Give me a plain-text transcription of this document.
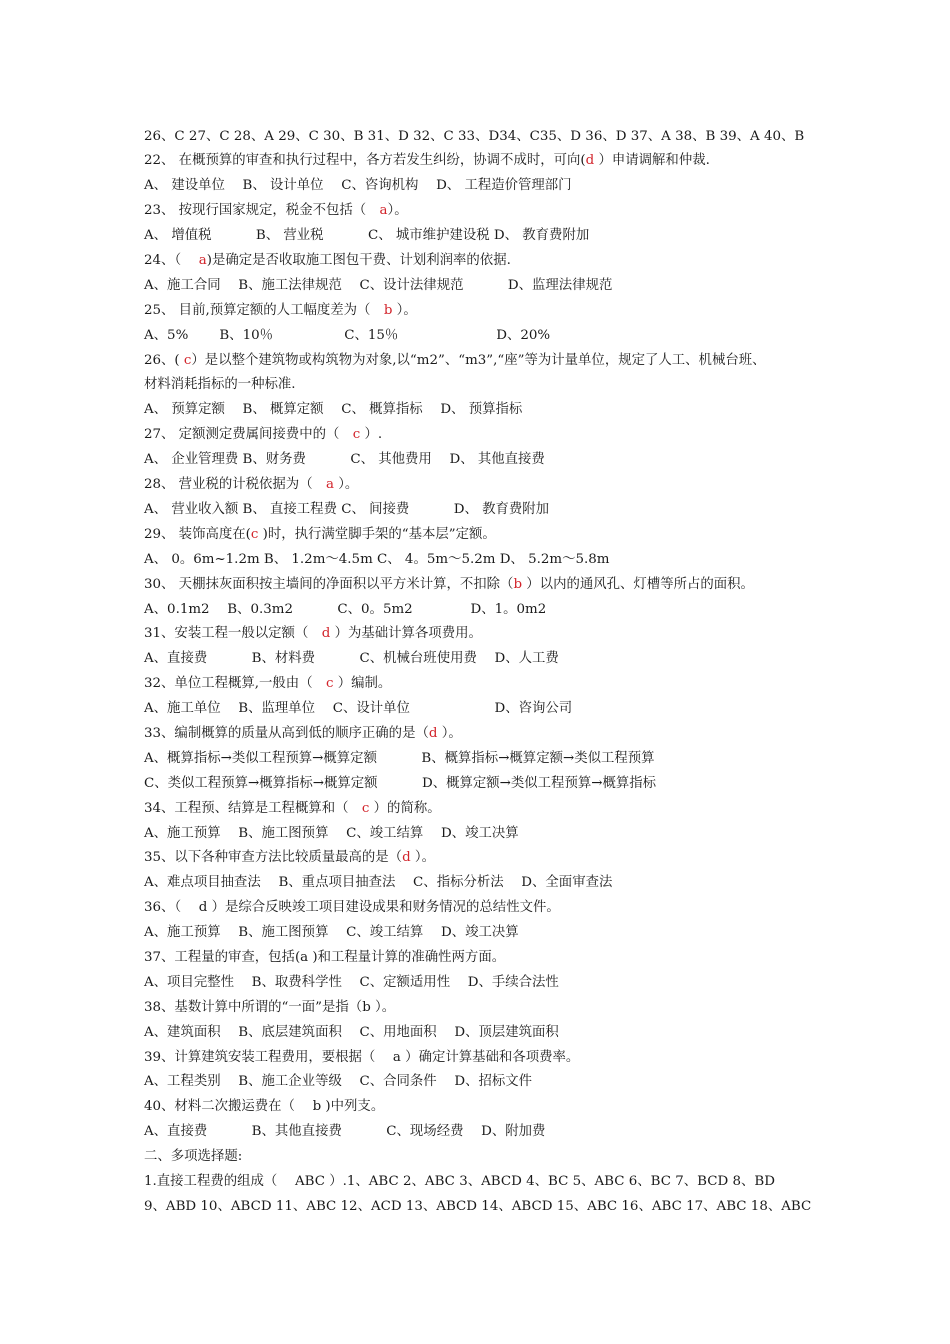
26、C 27、C 28、A 29、C 30、B 31、D 32、C 33、D34、C35、D 36、D 37、A 38、B 39、A 40、B
22、 在概预算的审查和执行过程中，各方若发生纠纷，协调不成时，可向(d ）申请调解和仲裁.
A、 建设单位　 B、 设计单位　 C、咨询机构　 D、 工程造价管理部门
23、 按现行国家规定，税金不包括（　a）。
A、 增值税　　　 B、 营业税　　　 C、 城市维护建设税 D、 教育费附加
24、（　 a)是确定是否收取施工图包干费、计划利润率的依据.
A、施工合同　 B、施工法律规范　 C、设计法律规范　　　 D、监理法律规范
25、 目前,预算定额的人工幅度差为（　b ）。
A、5%　　 B、10％　　　　　 C、15％　　　　　　　 D、20%
26、( c）是以整个建筑物或构筑物为对象,以“m2”、“m3”,“座”等为计量单位，规定了人工、机械台班、
材料消耗指标的一种标准.
A、 预算定额　 B、 概算定额　 C、 概算指标　 D、 预算指标
27、 定额测定费属间接费中的（　c ）.
A、 企业管理费 B、财务费　　　 C、 其他费用　 D、 其他直接费
28、 营业税的计税依据为（　a ）。
A、 营业收入额 B、 直接工程费 C、 间接费　　　 D、 教育费附加
29、 装饰高度在(c )时，执行满堂脚手架的“基本层”定额。
A、 0。6m~1.2m B、 1.2m～4.5m C、 4。5m～5.2m D、 5.2m～5.8m
30、 天棚抹灰面积按主墙间的净面积以平方米计算，不扣除（b ）以内的通风孔、灯槽等所占的面积。
A、0.1m2　 B、0.3m2　　　 C、0。5m2　　　　 D、1。0m2
31、安装工程一般以定额（　d ）为基础计算各项费用。
A、直接费　　　 B、材料费　　　 C、机械台班使用费　 D、人工费
32、单位工程概算,一般由（　c ）编制。
A、施工单位　 B、监理单位　 C、设计单位　　　　　　 D、咨询公司
33、编制概算的质量从高到低的顺序正确的是（d ）。
A、概算指标→类似工程预算→概算定额　　　 B、概算指标→概算定额→类似工程预算
C、类似工程预算→概算指标→概算定额　　　 D、概算定额→类似工程预算→概算指标
34、工程预、结算是工程概算和（　c ）的简称。
A、施工预算　 B、施工图预算　 C、竣工结算　 D、竣工决算
35、以下各种审查方法比较质量最高的是（d ）。
A、难点项目抽查法　 B、重点项目抽查法　 C、指标分析法　 D、全面审查法
36、（　 d ）是综合反映竣工项目建设成果和财务情况的总结性文件。
A、施工预算　 B、施工图预算　 C、竣工结算　 D、竣工决算
37、工程量的审查，包括(a )和工程量计算的准确性两方面。
A、项目完整性　 B、取费科学性　 C、定额适用性　 D、手续合法性
38、基数计算中所谓的“一面”是指（b ）。
A、建筑面积　 B、底层建筑面积　 C、用地面积　 D、顶层建筑面积
39、计算建筑安装工程费用，要根据（　 a ）确定计算基础和各项费率。
A、工程类别　 B、施工企业等级　 C、合同条件　 D、招标文件
40、材料二次搬运费在（　 b )中列支。
A、直接费　　　 B、其他直接费　　　 C、现场经费　 D、附加费
二、多项选择题:
1.直接工程费的组成（　 ABC ）.1、ABC 2、ABC 3、ABCD 4、BC 5、ABC 6、BC 7、BCD 8、BD
9、ABD 10、ABCD 11、ABC 12、ACD 13、ABCD 14、ABCD 15、ABC 16、ABC 17、ABC 18、ABC
